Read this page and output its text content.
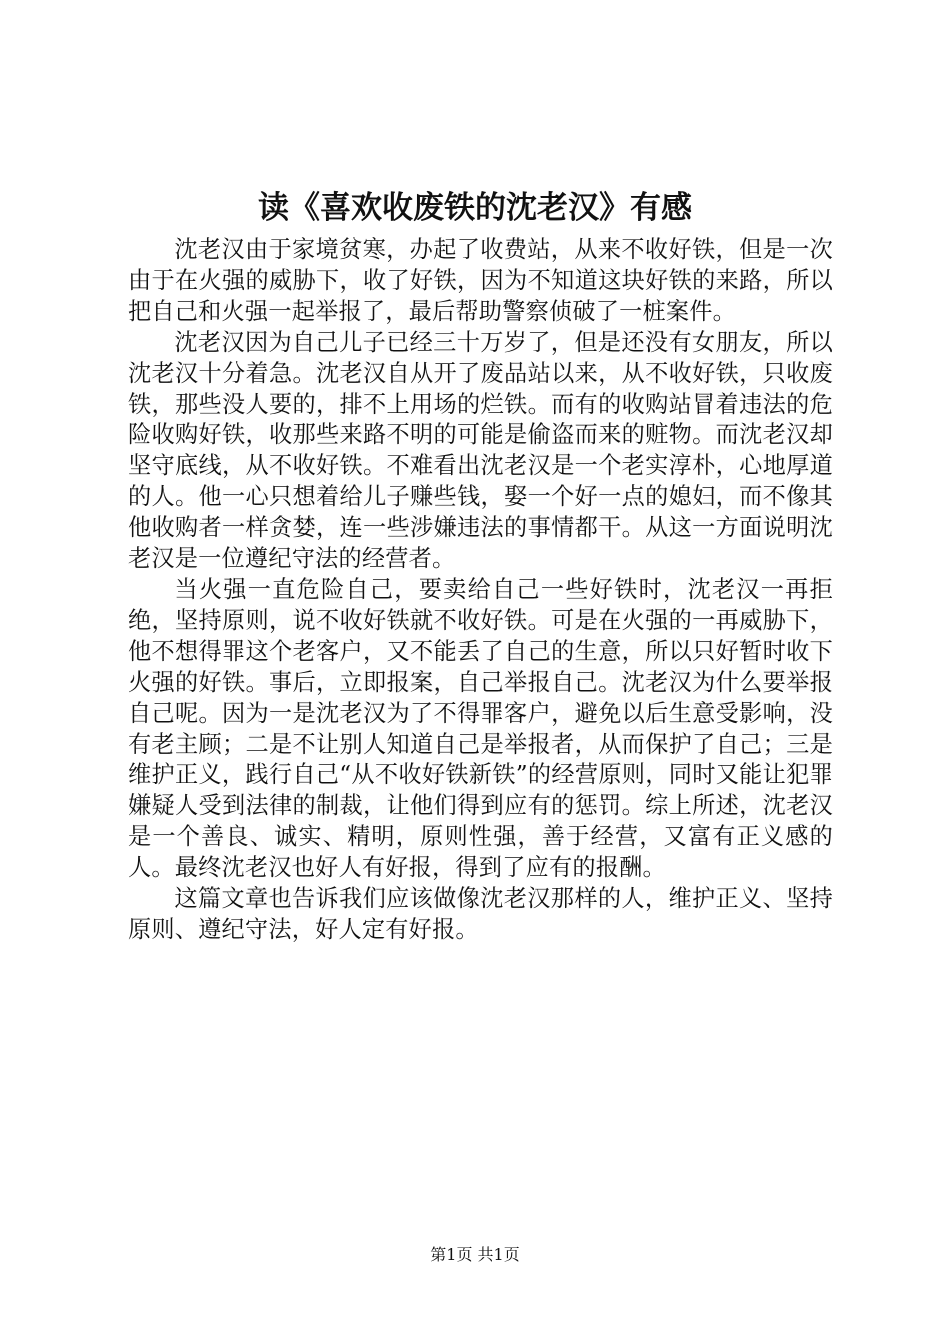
读《喜欢收废铁的沈老汉》有感

沈老汉由于家境贫寒，办起了收费站，从来不收好铁，但是一次由于在火强的威胁下，收了好铁，因为不知道这块好铁的来路，所以把自己和火强一起举报了，最后帮助警察侦破了一桩案件。

沈老汉因为自己儿子已经三十万岁了，但是还没有女朋友，所以沈老汉十分着急。沈老汉自从开了废品站以来，从不收好铁，只收废铁，那些没人要的，排不上用场的烂铁。而有的收购站冒着违法的危险收购好铁，收那些来路不明的可能是偷盗而来的赃物。而沈老汉却坚守底线，从不收好铁。不难看出沈老汉是一个老实淳朴，心地厚道的人。他一心只想着给儿子赚些钱，娶一个好一点的媳妇，而不像其他收购者一样贪婪，连一些涉嫌违法的事情都干。从这一方面说明沈老汉是一位遵纪守法的经营者。

当火强一直危险自己，要卖给自己一些好铁时，沈老汉一再拒绝，坚持原则，说不收好铁就不收好铁。可是在火强的一再威胁下，他不想得罪这个老客户，又不能丢了自己的生意，所以只好暂时收下火强的好铁。事后，立即报案，自己举报自己。沈老汉为什么要举报自己呢。因为一是沈老汉为了不得罪客户，避免以后生意受影响，没有老主顾；二是不让别人知道自己是举报者，从而保护了自己；三是维护正义，践行自己“从不收好铁新铁”的经营原则，同时又能让犯罪嫌疑人受到法律的制裁，让他们得到应有的惩罚。综上所述，沈老汉是一个善良、诚实、精明，原则性强，善于经营，又富有正义感的人。最终沈老汉也好人有好报，得到了应有的报酬。

这篇文章也告诉我们应该做像沈老汉那样的人，维护正义、坚持原则、遵纪守法，好人定有好报。

第1页 共1页
